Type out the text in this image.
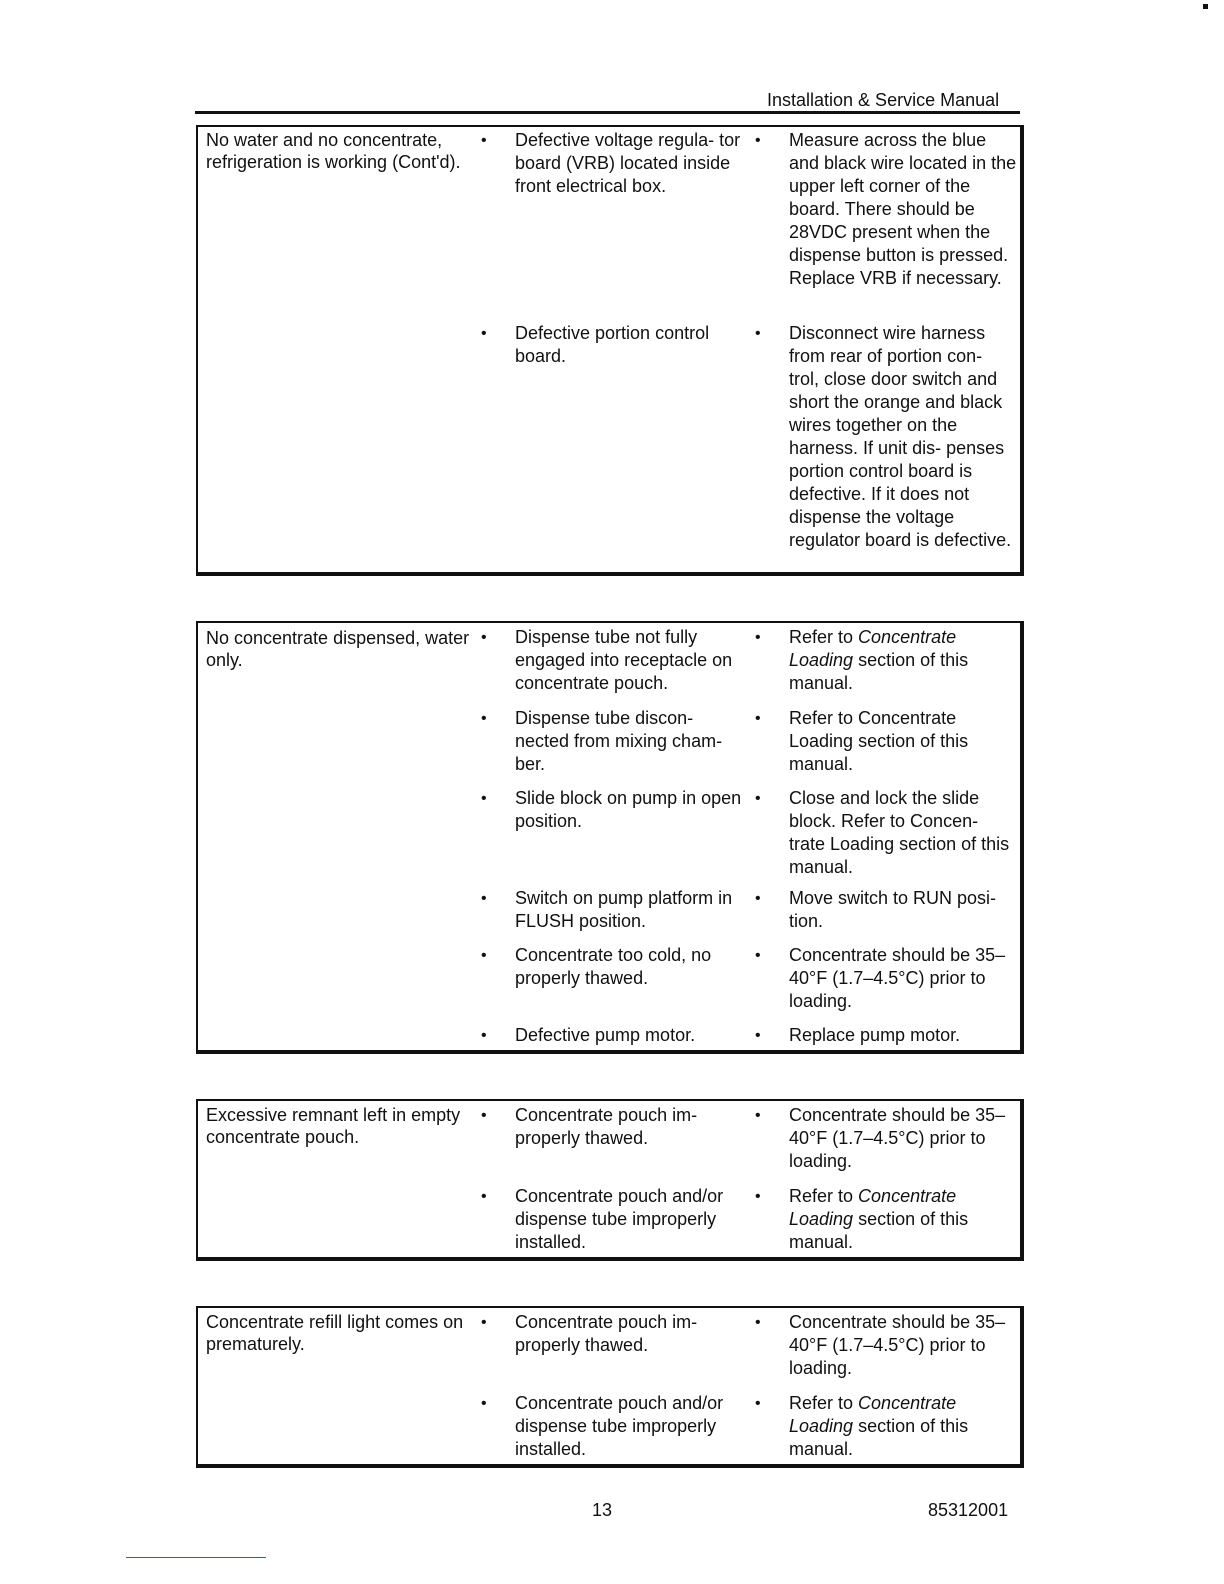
Installation & Service Manual
No water and no concentrate, refrigeration is working (Cont'd).
• Defective voltage regula- tor board (VRB) located inside front electrical box.
• Measure across the blue and black wire located in the upper left corner of the board. There should be 28VDC present when the dispense button is pressed. Replace VRB if necessary.
• Defective portion control board.
• Disconnect wire harness from rear of portion con- trol, close door switch and short the orange and black wires together on the harness. If unit dis- penses portion control board is defective. If it does not dispense the voltage regulator board is defective.
No concentrate dispensed, water only.
• Dispense tube not fully engaged into receptacle on concentrate pouch.
• Refer to Concentrate Loading section of this manual.
• Dispense tube discon- nected from mixing cham- ber.
• Refer to Concentrate Loading section of this manual.
• Slide block on pump in open position.
• Close and lock the slide block. Refer to Concen- trate Loading section of this manual.
• Switch on pump platform in FLUSH position.
• Move switch to RUN posi- tion.
• Concentrate too cold, no properly thawed.
• Concentrate should be 35–40°F (1.7–4.5°C) prior to loading.
• Defective pump motor.	• Replace pump motor.
Excessive remnant left in empty concentrate pouch.
• Concentrate pouch im- properly thawed.
• Concentrate should be 35–40°F (1.7–4.5°C) prior to loading.
• Concentrate pouch and/or dispense tube improperly installed.
• Refer to Concentrate Loading section of this manual.
Concentrate refill light comes on prematurely.
• Concentrate pouch im- properly thawed.
• Concentrate should be 35–40°F (1.7–4.5°C) prior to loading.
• Concentrate pouch and/or dispense tube improperly installed.
• Refer to Concentrate Loading section of this manual.
13	85312001
